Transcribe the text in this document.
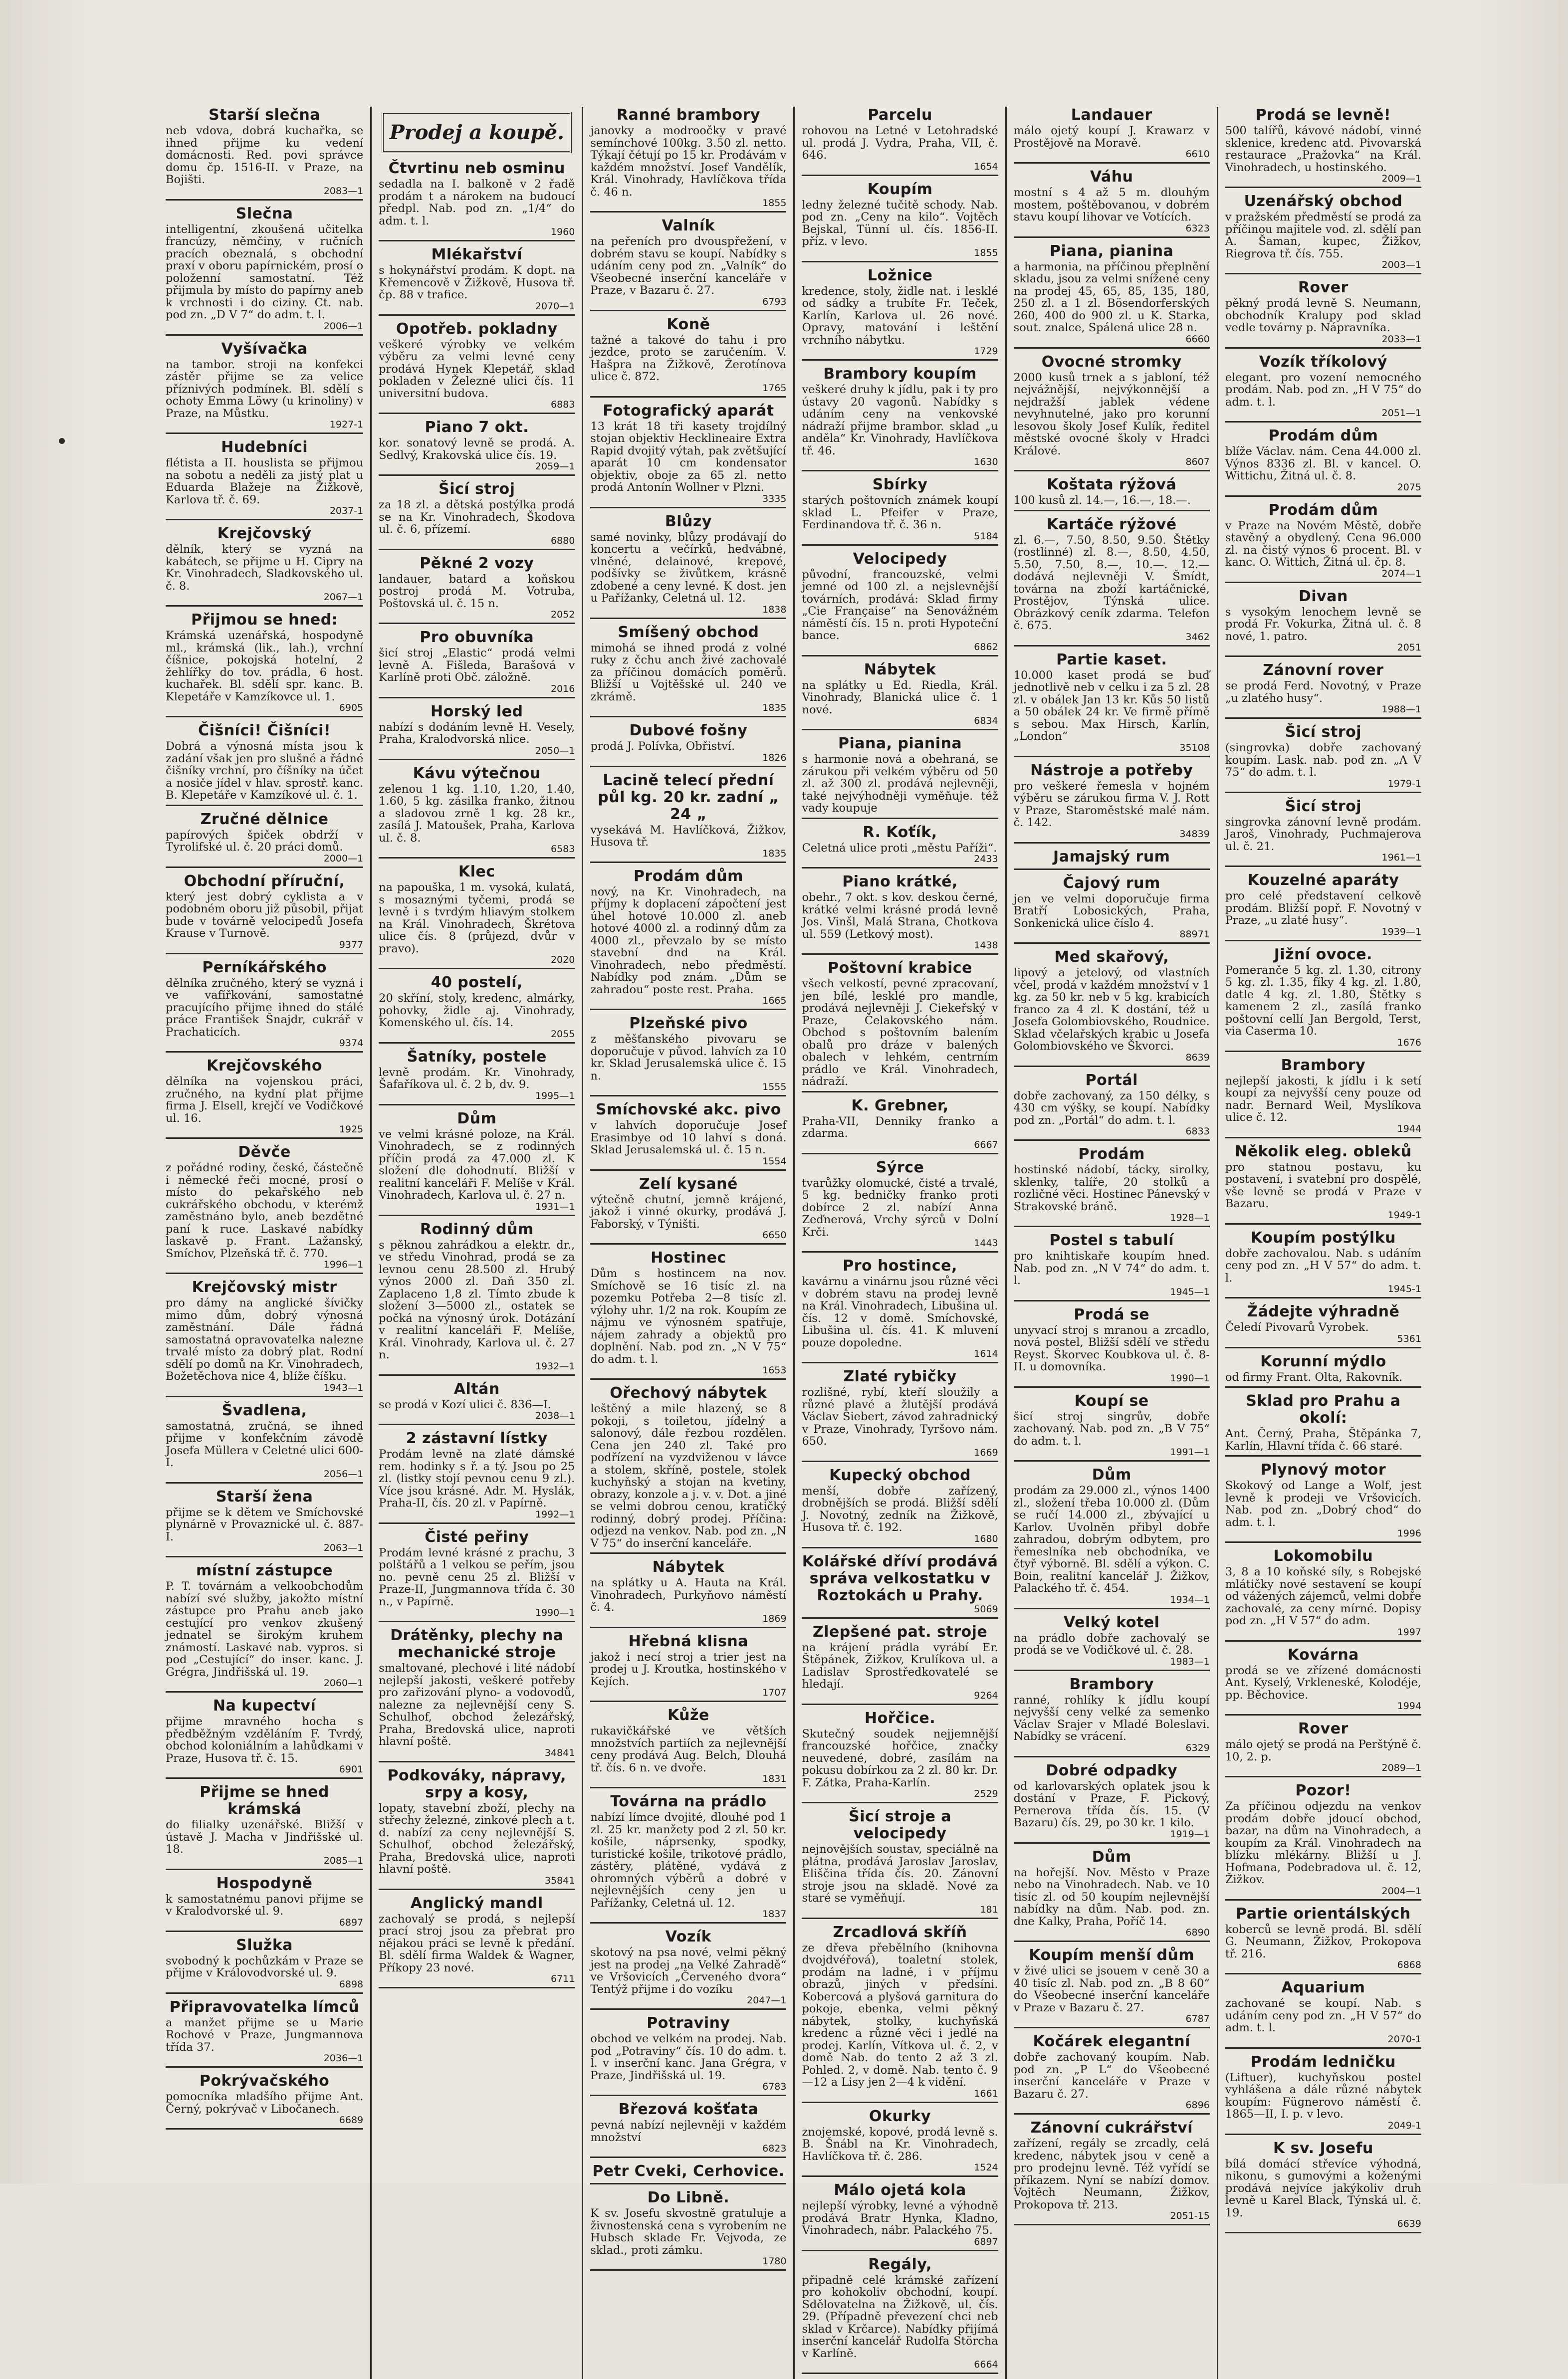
Starší slečna
neb vdova, dobrá kuchařka, se ihned přijme ku vedení domácnosti. Red. povi správce domu čp. 1516-II. v Praze, na Bojišti.
2083—1
Slečna
intelligentní, zkoušená učitelka francúzy, němčiny, v ručních pracích obeznalá, s obchodní praxí v oboru papírnickém, prosí o položenní samostatní. Též přijmula by místo do papírny aneb k vrchnosti i do ciziny. Ct. nab. pod zn. „D V 7“ do adm. t. l.
2006—1
Vyšívačka
na tambor. stroji na konfekci zástěr přijme se za velice příznivých podmínek. Bl. sdělí s ochoty Emma Löwy (u krinoliny) v Praze, na Můstku.
1927-1
Hudebníci
flétista a II. houslista se přijmou na sobotu a neděli za jistý plat u Eduarda Blažeje na Žižkově, Karlova tř. č. 69.
2037-1
Krejčovský
dělník, který se vyzná na kabátech, se přijme u H. Cipry na Kr. Vinohradech, Sladkovského ul. č. 8.
2067—1
Přijmou se hned:
Krámská uzenářská, hospodyně ml., krámská (lik., lah.), vrchní číšnice, pokojská hotelní, 2 žehlířky do tov. prádla, 6 host. kuchařek. Bl. sdělí spr. kanc. B. Klepetáře v Kamzíkovce ul. 1.
6905
Čišníci! Čišníci!
Dobrá a výnosná místa jsou k zadání však jen pro slušné a řádné čišníky vrchní, pro číšníky na účet a nosiče jídel v hlav. sprostř. kanc. B. Klepetáře v Kamzíkové ul. č. 1.
Zručné dělnice
papírových špiček obdrží v Tyrolifské ul. č. 20 práci domů.
2000—1
Obchodní příruční,
který jest dobrý cyklista a v podobném oboru již působil, přijat bude v továrně velocipedů Josefa Krause v Turnově.
9377
Perníkářského
dělníka zručného, který se vyzná i ve vafířkování, samostatné pracujícího přijme ihned do stálé práce František Šnajdr, cukrář v Prachaticích.
9374
Krejčovského
dělníka na vojenskou práci, zručného, na kydní plat přijme firma J. Elsell, krejčí ve Vodičkové ul. 16.
1925
Děvče
z pořádné rodiny, české, částečně i německé řeči mocné, prosí o místo do pekařského neb cukrářského obchodu, v kterémž zaměstnáno bylo, aneb bezdětné paní k ruce. Laskavé nabídky laskavě p. Frant. Lažanský, Smíchov, Plzeňská tř. č. 770.
1996—1
Krejčovský mistr
pro dámy na anglické šívičky mimo dům, dobrý výnosná zaměstnání. Dále řádná samostatná opravovatelka nalezne trvalé místo za dobrý plat. Rodní sdělí po domů na Kr. Vinohradech, Božetěchova nice 4, blíže číšku.
1943—1
Švadlena,
samostatná, zručná, se ihned přijme v konfekčním závodě Josefa Müllera v Celetné ulici 600-I.
2056—1
Starší žena
přijme se k dětem ve Smíchovské plynárně v Provaznické ul. č. 887-I.
2063—1
místní zástupce
P. T. továrnám a velkoobchodům nabízí své služby, jakožto místní zástupce pro Prahu aneb jako cestující pro venkov zkušený jednatel se širokým kruhem známostí. Laskavé nab. vypros. si pod „Cestující“ do inser. kanc. J. Grégra, Jindřišská ul. 19.
2060—1
Na kupectví
přijme mravného hocha s předběžným vzděláním F. Tvrdý, obchod koloniálním a lahůdkami v Praze, Husova tř. č. 15.
6901
Přijme se hned krámská
do filialky uzenářské. Bližší v ústavě J. Macha v Jindřišské ul. 18.
2085—1
Hospodyně
k samostatnému panovi přijme se v Kralodvorské ul. 9.
6897
Služka
svobodný k pochůzkám v Praze se přijme v Královodvorské ul. 9.
6898
Připravovatelka límců
a manžet přijme se u Marie Rochové v Praze, Jungmannova třída 37.
2036—1
Pokrývačského
pomocníka mladšího přijme Ant. Černý, pokrývač v Libočanech.
6689
Prodej a koupě.
Čtvrtinu neb osminu
sedadla na I. balkoně v 2 řadě prodám t a nárokem na budoucí předpl. Nab. pod zn. „1/4“ do adm. t. l.
1960
Mlékařství
s hokynářství prodám. K dopt. na Křemencově v Žižkově, Husova tř. čp. 88 v trafice.
2070—1
Opotřeb. pokladny
veškeré výrobky ve velkém výběru za velmi levné ceny prodává Hynek Klepetář, sklad pokladen v Železné ulici čís. 11 universitní budova.
6883
Piano 7 okt.
kor. sonatový levně se prodá. A. Sedlvý, Krakovská ulice čís. 19.
2059—1
Šicí stroj
za 18 zl. a dětská postýlka prodá se na Kr. Vinohradech, Škodova ul. č. 6, přízemí.
6880
Pěkné 2 vozy
landauer, batard a koňskou postroj prodá M. Votruba, Poštovská ul. č. 15 n.
2052
Pro obuvníka
šicí stroj „Elastic“ prodá velmi levně A. Fišleda, Barašová v Karlíně proti Obč. záložně.
2016
Horský led
nabízí s dodáním levně H. Vesely, Praha, Kralodvorská nlice.
2050—1
Kávu výtečnou
zelenou 1 kg. 1.10, 1.20, 1.40, 1.60, 5 kg. zásilka franko, žitnou a sladovou zrně 1 kg. 28 kr., zasílá J. Matoušek, Praha, Karlova ul. č. 8.
6583
Klec
na papouška, 1 m. vysoká, kulatá, s mosaznými tyčemi, prodá se levně i s tvrdým hliavým stolkem na Král. Vinohradech, Škrétova ulice čís. 8 (průjezd, dvůr v pravo).
2020
40 postelí,
20 skříní, stoly, kredenc, almárky, pohovky, židle aj. Vinohrady, Komenského ul. čís. 14.
2055
Šatníky, postele
levně prodám. Kr. Vinohrady, Šafaříkova ul. č. 2 b, dv. 9.
1995—1
Dům
ve velmi krásné poloze, na Král. Vinohradech, se z rodinných příčin prodá za 47.000 zl. K složení dle dohodnutí. Bližší v realitní kanceláři F. Melíše v Král. Vinohradech, Karlova ul. č. 27 n.
1931—1
Rodinný dům
s pěknou zahrádkou a elektr. dr., ve středu Vinohrad, prodá se za levnou cenu 28.500 zl. Hrubý výnos 2000 zl. Daň 350 zl. Zaplaceno 1,8 zl. Tímto zbude k složení 3—5000 zl., ostatek se počká na výnosný úrok. Dotázání v realitní kanceláři F. Melíše, Král. Vinohrady, Karlova ul. č. 27 n.
1932—1
Altán
se prodá v Kozí ulici č. 836—I.
2038—1
2 zástavní lístky
Prodám levně na zlaté dámské rem. hodinky s ř. a tý. Jsou po 25 zl. (listky stojí pevnou cenu 9 zl.). Více jsou krásné. Adr. M. Hyslák, Praha-II, čís. 20 zl. v Papírně.
1992—1
Čisté peřiny
Prodám levné krásné z prachu, 3 polštářů a 1 velkou se peřím, jsou no. pevně cenu 25 zl. Bližší v Praze-II, Jungmannova třída č. 30 n., v Papírně.
1990—1
Drátěnky, plechy na mechanické stroje
smaltované, plechové i lité nádobí nejlepší jakosti, veškeré potřeby pro zařizování plyno- a vodovodů, nalezne za nejlevnější ceny S. Schulhof, obchod železářský, Praha, Bredovská ulice, naproti hlavní poště.
34841
Podkováky, nápravy, srpy a kosy,
lopaty, stavební zboží, plechy na střechy železné, zinkové plech a t. d. nabízí za ceny nejlevnější S. Schulhof, obchod železářský, Praha, Bredovská ulice, naproti hlavní poště.
35841
Anglický mandl
zachovalý se prodá, s nejlepší prací stroj jsou za přebrat pro nějakou práci se levně k předání. Bl. sdělí firma Waldek & Wagner, Příkopy 23 nové.
6711
Ranné brambory
janovky a modroočky v pravé semínchové 100kg. 3.50 zl. netto. Týkají čétují po 15 kr. Prodávám v každém množství. Josef Vandělík, Král. Vinohrady, Havlíčkova třída č. 46 n.
1855
Valník
na peřeních pro dvouspřežení, v dobrém stavu se koupí. Nabídky s udáním ceny pod zn. „Valník“ do Všeobecné inserční kanceláře v Praze, v Bazaru č. 27.
6793
Koně
tažné a takové do tahu i pro jezdce, proto se zaručením. V. Hašpra na Žižkově, Žerotínova ulice č. 872.
1765
Fotografický aparát
13 krát 18 tři kasety trojdílný stojan objektiv Hecklineaire Extra Rapid dvojitý výtah, pak zvětšující aparát 10 cm kondensator objektiv, oboje za 65 zl. netto prodá Antonín Wollner v Plzni.
3335
Blůzy
samé novinky, blůzy prodávají do koncertu a večírků, hedvábné, vlněné, delainové, krepové, podšívky se živůtkem, krásně zdobené a ceny levné. K dost. jen u Pařížanky, Celetná ul. 12.
1838
Smíšený obchod
mimohá se ihned prodá z volné ruky z čchu anch živé zachovalé za příčinou domácích poměrů. Bližší u Vojtěšské ul. 240 ve zkrámě.
1835
Dubové fošny
prodá J. Polívka, Obřiství.
1826
Lacině telecí přední půl kg. 20 kr. zadní „ 24 „
vysekává M. Havlíčková, Žižkov, Husova tř.
1835
Prodám dům
nový, na Kr. Vinohradech, na příjmy k doplacení zápočtení jest úhel hotové 10.000 zl. aneb hotové 4000 zl. a rodinný dům za 4000 zl., převzalo by se místo stavební dnd na Král. Vinohradech, nebo předměstí. Nabídky pod znám. „Dům se zahradou“ poste rest. Praha.
1665
Plzeňské pivo
z měšťanského pivovaru se doporučuje v původ. lahvích za 10 kr. Sklad Jerusalemská ulice č. 15 n.
1555
Smíchovské akc. pivo
v lahvích doporučuje Josef Erasimbye od 10 lahví s doná. Sklad Jerusalemská ul. č. 15 n.
1554
Zelí kysané
výtečně chutní, jemně krájené, jakož i vinné okurky, prodává J. Faborský, v Týništi.
6650
Hostinec
Dům s hostincem na nov. Smíchově se 16 tisíc zl. na pozemku Potřeba 2—8 tisíc zl. výlohy uhr. 1/2 na rok. Koupím ze nájmu ve výnosném spatřuje, nájem zahrady a objektů pro doplnění. Nab. pod zn. „N V 75“ do adm. t. l.
1653
Ořechový nábytek
leštěný a mile hlazený, se 8 pokoji, s toiletou, jídelný a salonový, dále řezbou rozdělen. Cena jen 240 zl. Také pro podřízení na vyzdviženou v lávce a stolem, skříně, postele, stolek kuchyňský a stojan na kvetiny, obrazy, konzole a j. v. v. Dot. a jiné se velmi dobrou cenou, kratičký rodinný, dobrý prodej. Příčina: odjezd na venkov. Nab. pod zn. „N V 75“ do inserční kanceláře.
Nábytek
na splátky u A. Hauta na Král. Vinohradech, Purkyňovo náměstí č. 4.
1869
Hřebná klisna
jakož i necí stroj a trier jest na prodej u J. Kroutka, hostinského v Kejích.
1707
Kůže
rukavičkářské ve větších množstvích partiích za nejlevnější ceny prodává Aug. Belch, Dlouhá tř. čís. 6 n. ve dvoře.
1831
Továrna na prádlo
nabízí límce dvojité, dlouhé pod 1 zl. 25 kr. manžety pod 2 zl. 50 kr. košile, náprsenky, spodky, turistické košile, trikotové prádlo, zástěry, plátěné, vydává z ohromných výběrů a dobré v nejlevnějších ceny jen u Pařížanky, Celetná ul. 12.
1837
Vozík
skotový na psa nové, velmi pěkný jest na prodej „na Velké Zahradě“ ve Vršovicích „Červeného dvora“ Tentýž přijme i do vozíku
2047—1
Potraviny
obchod ve velkém na prodej. Nab. pod „Potraviny“ čís. 10 do adm. t. l. v inserční kanc. Jana Grégra, v Praze, Jindřišská ul. 19.
6783
Březová košťata
pevná nabízí nejlevněji v každém množství
6823
Petr Cveki, Cerhovice.
Do Libně.
K sv. Josefu skvostně gratuluje a živnostenská cena s vyrobením ne Hubsch sklade Fr. Vejvoda, ze sklad., proti zámku.
1780
Parcelu
rohovou na Letné v Letohradské ul. prodá J. Vydra, Praha, VII, č. 646.
1654
Koupím
ledny železné tučitě schody. Nab. pod zn. „Ceny na kilo“. Vojtěch Bejskal, Tünní ul. čís. 1856-II. příz. v levo.
1855
Ložnice
kredence, stoly, židle nat. i lesklé od sádky a trubíte Fr. Teček, Karlín, Karlova ul. 26 nové. Opravy, matování i leštění vrchního nábytku.
1729
Brambory koupím
veškeré druhy k jídlu, pak i ty pro ústavy 20 vagonů. Nabídky s udáním ceny na venkovské nádraží přijme brambor. sklad „u anděla“ Kr. Vinohrady, Havlíčkova tř. 46.
1630
Sbírky
starých poštovních známek koupí sklad L. Pfeifer v Praze, Ferdinandova tř. č. 36 n.
5184
Velocipedy
původní, francouzské, velmi jemné od 100 zl. a nejslevnější továrních, prodává: Sklad firmy „Cie Française“ na Senovážném náměstí čís. 15 n. proti Hypoteční bance.
6862
Nábytek
na splátky u Ed. Riedla, Král. Vinohrady, Blanická ulice č. 1 nové.
6834
Piana, pianina
s harmonie nová a obehraná, se zárukou při velkém výběru od 50 zl. až 300 zl. prodává nejlevněji, také nejvýhodněji vyměňuje. též vady koupuje
R. Koťík,
Celetná ulice proti „městu Paříži“.
2433
Piano krátké,
obehr., 7 okt. s kov. deskou černé, krátké velmi krásné prodá levně Jos. Vinšl, Malá Strana, Chotkova ul. 559 (Letkový most).
1438
Poštovní krabice
všech velkostí, pevné zpracovaní, jen bílé, lesklé pro mandle, prodává nejlevněji J. Ciekeřský v Praze, Čelakovského nám. Obchod s poštovním balením obalů pro dráze v balených obalech v lehkém, centrním prádlo ve Král. Vinohradech, nádraží.
K. Grebner,
Praha-VII, Denniky franko a zdarma.
6667
Sýrce
tvarůžky olomucké, čisté a trvalé, 5 kg. bedničky franko proti dobírce 2 zl. nabízí Anna Zeďnerová, Vrchy sýrců v Dolní Krči.
1443
Pro hostince,
kavárnu a vinárnu jsou různé věci v dobrém stavu na prodej levně na Král. Vinohradech, Libušina ul. čís. 12 v domě. Smíchovské, Libušina ul. čís. 41. K mluvení pouze dopoledne.
1614
Zlaté rybičky
rozlišné, rybí, kteří sloužily a různé plavé a žlutější prodává Václav Siebert, závod zahradnický v Praze, Vinohrady, Tyršovo nám. 650.
1669
Kupecký obchod
menší, dobře zařízený, drobnějších se prodá. Bližší sdělí J. Novotný, zedník na Žižkově, Husova tř. č. 192.
1680
Kolářské dříví prodává správa velkostatku v Roztokách u Prahy.
5069
Zlepšené pat. stroje
na krájení prádla vyrábí Er. Štěpánek, Žižkov, Krulíkova ul. a Ladislav Sprostředkovatelé se hledají.
9264
Hořčice.
Skutečný soudek nejjemnější francouzské hořčice, značky neuvedené, dobré, zasílám na pokusu dobírkou za 2 zl. 80 kr. Dr. F. Zátka, Praha-Karlín.
2529
Šicí stroje a velocipedy
nejnovějších soustav, speciálně na plátna, prodává Jaroslav Jaroslav, Eliščina třída čís. 20. Zánovní stroje jsou na skladě. Nové za staré se vyměňují.
181
Zrcadlová skříň
ze dřeva přebělního (knihovna dvojdvéřová), toaletní stolek, prodám na ladné, i v příjmu obrazů, jiných v předsíni. Kobercová a plyšová garnitura do pokoje, ebenka, velmi pěkný nábytek, stolky, kuchyňská kredenc a různé věci i jedlé na prodej. Karlín, Vítkova ul. č. 2, v domě Nab. do tento 2 až 3 zl. Pohled. 2, v domě. Nab. tento č. 9—12 a Lisy jen 2—4 k vidění.
1661
Okurky
znojemské, kopové, prodá levně s. B. Šnábl na Kr. Vinohradech, Havlíčkova tř. č. 286.
1524
Málo ojetá kola
nejlepší výrobky, levné a výhodně prodává Bratr Hynka, Kladno, Vinohradech, nábr. Palackého 75.
6897
Regály,
připadně celé krámské zařízení pro kohokoliv obchodní, koupí. Sdělovatelna na Žižkově, ul. čís. 29. (Případně převezení chci neb sklad v Krčarce). Nabídky přijímá inserční kancelář Rudolfa Störcha v Karlíně.
6664
Landauer
málo ojetý koupí J. Krawarz v Prostějově na Moravě.
6610
Váhu
mostní s 4 až 5 m. dlouhým mostem, poštěbovanou, v dobrém stavu koupí lihovar ve Votících.
6323
Piana, pianina
a harmonia, na příčinou přeplnění skladu, jsou za velmi snížené ceny na prodej 45, 65, 85, 135, 180, 250 zl. a 1 zl. Bösendorferských 260, 400 do 900 zl. u K. Starka, sout. znalce, Spálená ulice 28 n.
6660
Ovocné stromky
2000 kusů trnek a s jabloní, též nejvážnější, nejvýkonnější a nejdražší jablek védene nevyhnutelné, jako pro korunní lesovou školy Josef Kulík, ředitel městské ovocné školy v Hradci Králové.
8607
Koštata rýžová
100 kusů zl. 14.—, 16.—, 18.—.
Kartáče rýžové
zl. 6.—, 7.50, 8.50, 9.50. Štětky (rostlinné) zl. 8.—, 8.50, 4.50, 5.50, 7.50, 8.—, 10.—. 12.— dodává nejlevněji V. Šmídt, továrna na zboží kartáčnické, Prostějov, Týnská ulice. Obrázkový ceník zdarma. Telefon č. 675.
3462
Partie kaset.
10.000 kaset prodá se buď jednotlivě neb v celku i za 5 zl. 28 zl. v obálek Jan 13 kr. Kůs 50 listů a 50 obálek 24 kr. Ve firmě přímě s sebou. Max Hirsch, Karlín, „London“
35108
Nástroje a potřeby
pro veškeré řemesla v hojném výběru se zárukou firma V. J. Rott v Praze, Staroměstské malé nám. č. 142.
34839
Jamajský rum
Čajový rum
jen ve velmi doporučuje firma Bratří Lobosických, Praha, Sonkenická ulice číslo 4.
88971
Med skařový,
lipový a jetelový, od vlastních včel, prodá v každém množství v 1 kg. za 50 kr. neb v 5 kg. krabicích franco za 4 zl. K dostání, též u Josefa Golombiovského, Roudnice. Sklad včelařských krabic u Josefa Golombiovského ve Škvorci.
8639
Portál
dobře zachovaný, za 150 délky, s 430 cm výšky, se koupí. Nabídky pod zn. „Portál“ do adm. t. l.
6833
Prodám
hostinské nádobí, tácky, sirolky, sklenky, talíře, 20 stolků a rozličné věci. Hostinec Pánevský v Strakovské bráně.
1928—1
Postel s tabulí
pro knihtiskaře koupím hned. Nab. pod zn. „N V 74“ do adm. t. l.
1945—1
Prodá se
unyvací stroj s mranou a zrcadlo, nová postel, Bližší sdělí ve středu Reyst. Škorvec Koubkova ul. č. 8-II. u domovníka.
1990—1
Koupí se
šicí stroj singrův, dobře zachovaný. Nab. pod zn. „B V 75“ do adm. t. l.
1991—1
Dům
prodám za 29.000 zl., výnos 1400 zl., složení třeba 10.000 zl. (Dům se ručí 14.000 zl., zbývající u Karlov. Uvolněn přibyl dobře zahradou, dobrým odbytem, pro řemeslníka neb obchodníka, ve čtyř výborně. Bl. sdělí a výkon. C. Boin, realitní kancelář J. Žižkov, Palackého tř. č. 454.
1934—1
Velký kotel
na prádlo dobře zachovalý se prodá se ve Vodičkové ul. č. 28.
1983—1
Brambory
ranné, rohlíky k jídlu koupí nejvyšší ceny velké za semenko Václav Srajer v Mladé Boleslavi. Nabídky se vrácení.
6329
Dobré odpadky
od karlovarských oplatek jsou k dostání v Praze, F. Pickový, Pernerova třída čís. 15. (V Bazaru) čís. 29, po 30 kr. 1 kilo.
1919—1
Dům
na hořejší. Nov. Město v Praze nebo na Vinohradech. Nab. ve 10 tisíc zl. od 50 koupím nejlevnější nabídky na dům. Nab. pod. zn. dne Kalky, Praha, Poříč 14.
6890
Koupím menší dům
v živé ulici se jsouem v ceně 30 a 40 tisíc zl. Nab. pod zn. „B 8 60“ do Všeobecné inserční kanceláře v Praze v Bazaru č. 27.
6787
Kočárek elegantní
dobře zachovaný koupím. Nab. pod zn. „P L“ do Všeobecné inserční kanceláře v Praze v Bazaru č. 27.
6896
Zánovní cukrářství
zařízení, regály se zrcadly, celá kredenc, nábytek jsou v ceně a pro prodejnu levně. Též vyřídí se příkazem. Nyní se nabízí domov. Vojtěch Neumann, Žižkov, Prokopova tř. 213.
2051-15
Prodá se levně!
500 talířů, kávové nádobí, vinné sklenice, kredenc atd. Pivovarská restaurace „Pražovka“ na Král. Vinohradech, u hostinského.
2009—1
Uzenářský obchod
v pražském předměstí se prodá za příčinou majitele vod. zl. sdělí pan A. Šaman, kupec, Žižkov, Riegrova tř. čís. 755.
2003—1
Rover
pěkný prodá levně S. Neumann, obchodník Kralupy pod sklad vedle továrny p. Nápravníka.
2033—1
Vozík tříkolový
elegant. pro vození nemocného prodám. Nab. pod zn. „H V 75“ do adm. t. l.
2051—1
Prodám dům
blíže Václav. nám. Cena 44.000 zl. Výnos 8336 zl. Bl. v kancel. O. Wittichu, Žitná ul. č. 8.
2075
Prodám dům
v Praze na Novém Městě, dobře stavěný a obydlený. Cena 96.000 zl. na čistý výnos 6 procent. Bl. v kanc. O. Wittich, Žitná ul. čp. 8.
2074—1
Divan
s vysokým lenochem levně se prodá Fr. Vokurka, Žitná ul. č. 8 nové, 1. patro.
2051
Zánovní rover
se prodá Ferd. Novotný, v Praze „u zlatého husy“.
1988—1
Šicí stroj
(singrovka) dobře zachovaný koupím. Lask. nab. pod zn. „A V 75“ do adm. t. l.
1979-1
Šicí stroj
singrovka zánovní levně prodám. Jaroš, Vinohrady, Puchmajerova ul. č. 21.
1961—1
Kouzelné aparáty
pro celé představení celkově prodám. Bližší popř. F. Novotný v Praze, „u zlaté husy“.
1939—1
Jižní ovoce.
Pomeranče 5 kg. zl. 1.30, citrony 5 kg. zl. 1.35, fíky 4 kg. zl. 1.80, datle 4 kg. zl. 1.80, Štětky s kamenem 2 zl., zasílá franko poštovní cellí Jan Bergold, Terst, via Caserma 10.
1676
Brambory
nejlepší jakosti, k jídlu i k setí koupí za nejvyšší ceny pouze od nadr. Bernard Weil, Myslíkova ulice č. 12.
1944
Několik eleg. obleků
pro statnou postavu, ku postavení, i svatební pro dospělé, vše levně se prodá v Praze v Bazaru.
1949-1
Koupím postýlku
dobře zachovalou. Nab. s udáním ceny pod zn. „H V 57“ do adm. t. l.
1945-1
Žádejte výhradně
Čeledí Pivovarů Vyrobek.
5361
Korunní mýdlo
od firmy Frant. Olta, Rakovník.
Sklad pro Prahu a okolí:
Ant. Černý, Praha, Štěpánka 7, Karlín, Hlavní třída č. 66 staré.
Plynový motor
Skokový od Lange a Wolf, jest levně k prodeji ve Vršovicích. Nab. pod zn. „Dobrý chod“ do adm. t. l.
1996
Lokomobilu
3, 8 a 10 koňské síly, s Robejské mlátičky nové sestavení se koupí od vážených zájemců, velmi dobře zachovalé, za ceny mírné. Dopisy pod zn. „H V 57“ do adm.
1997
Kovárna
prodá se ve zřízené domácnosti Ant. Kyselý, Vrkleneské, Kolodéje, pp. Běchovice.
1994
Rover
málo ojetý se prodá na Perštýně č. 10, 2. p.
2089—1
Pozor!
Za příčinou odjezdu na venkov prodám dobře jdoucí obchod, bazar, na dům na Vinohradech, a koupím za Král. Vinohradech na blízku mlékárny. Bližší u J. Hofmana, Podebradova ul. č. 12, Žižkov.
2004—1
Partie orientálských
koberců se levně prodá. Bl. sdělí G. Neumann, Žižkov, Prokopova tř. 216.
6868
Aquarium
zachované se koupí. Nab. s udáním ceny pod zn. „H V 57“ do adm. t. l.
2070-1
Prodám ledničku
(Liftuer), kuchyňskou postel vyhlášena a dále různé nábytek koupím: Fügnerovo náměstí č. 1865—II, I. p. v levo.
2049-1
K sv. Josefu
bílá domácí střevíce výhodná, nikonu, s gumovými a koženými prodává nejvíce jakýkoliv druh levně u Karel Black, Týnská ul. č. 19.
6639
